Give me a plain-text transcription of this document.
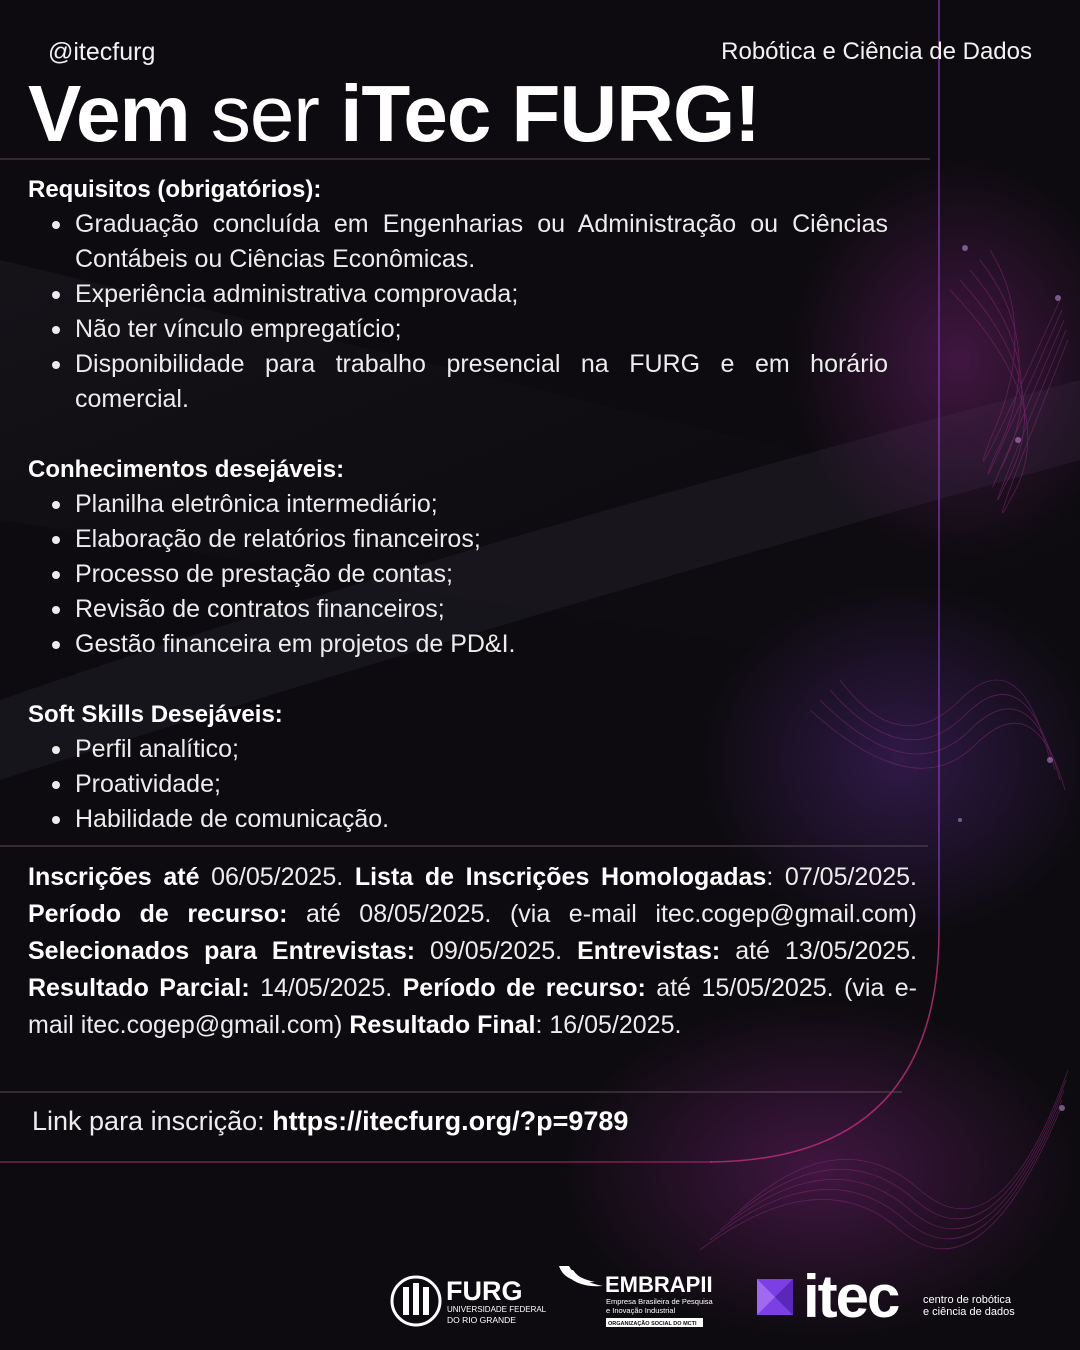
@itecfurg	Robótica e Ciência de Dados
Vem ser iTec FURG!
Requisitos (obrigatórios):
Graduação concluída em Engenharias ou Administração ou Ciências Contábeis ou Ciências Econômicas.
Experiência administrativa comprovada;
Não ter vínculo empregatício;
Disponibilidade para trabalho presencial na FURG e em horário comercial.
Conhecimentos desejáveis:
Planilha eletrônica intermediário;
Elaboração de relatórios financeiros;
Processo de prestação de contas;
Revisão de contratos financeiros;
Gestão financeira em projetos de PD&I.
Soft Skills Desejáveis:
Perfil analítico;
Proatividade;
Habilidade de comunicação.
Inscrições até 06/05/2025. Lista de Inscrições Homologadas: 07/05/2025. Período de recurso: até 08/05/2025. (via e-mail itec.cogep@gmail.com) Selecionados para Entrevistas: 09/05/2025. Entrevistas: até 13/05/2025. Resultado Parcial: 14/05/2025. Período de recurso: até 15/05/2025. (via e-mail itec.cogep@gmail.com) Resultado Final: 16/05/2025.
Link para inscrição: https://itecfurg.org/?p=9789
FURG
UNIVERSIDADE FEDERAL
DO RIO GRANDE
EMBRAPII
Empresa Brasileira de Pesquisa
e Inovação Industrial
ORGANIZAÇÃO SOCIAL DO MCTI itec centro de robótica
e ciência de dados
